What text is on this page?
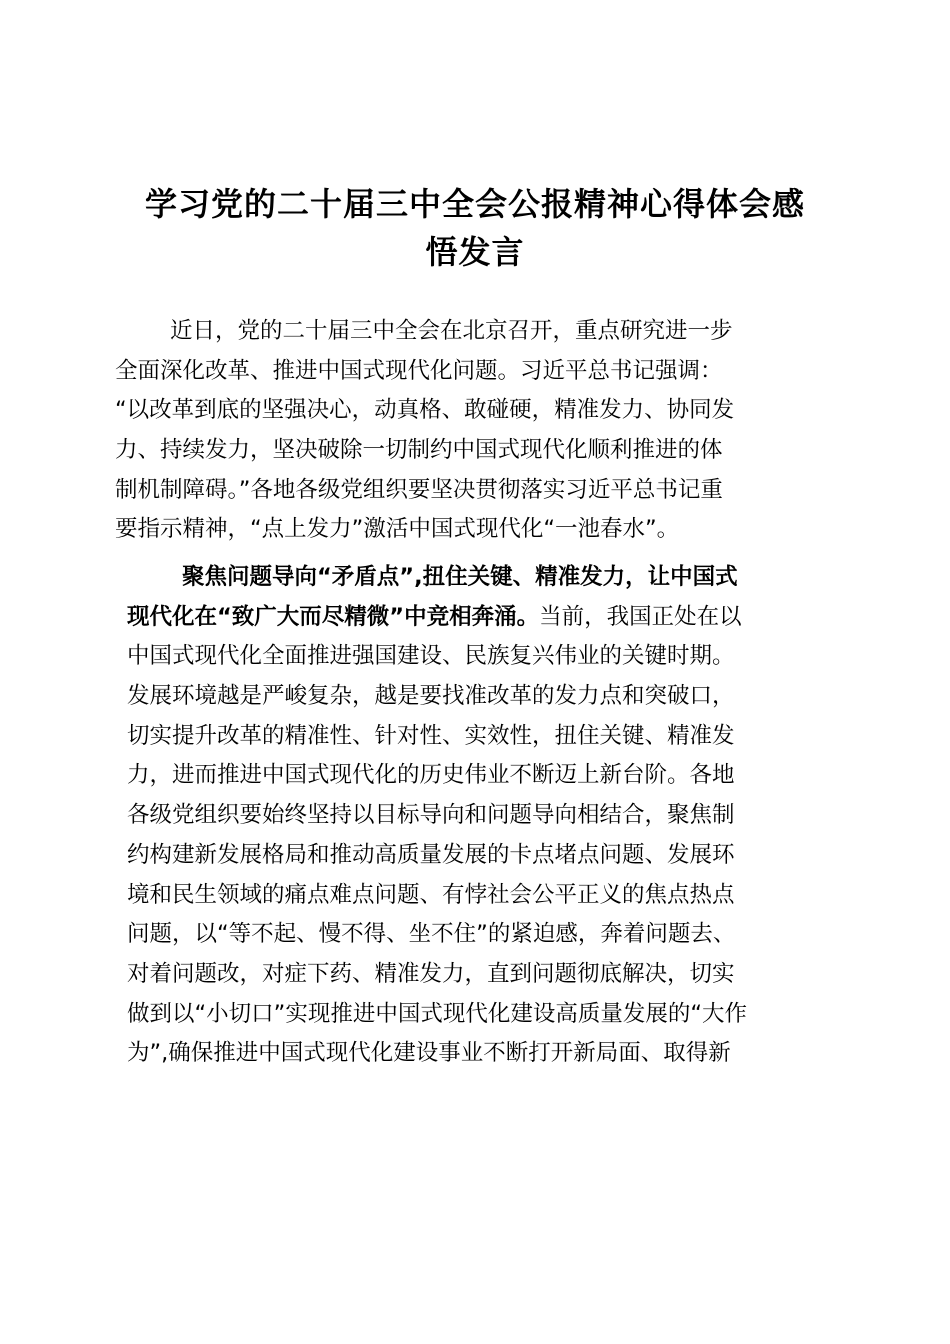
学习党的二十届三中全会公报精神心得体会感
悟发言
近日，党的二十届三中全会在北京召开，重点研究进一步
全面深化改革、推进中国式现代化问题。习近平总书记强调：
“以改革到底的坚强决心，动真格、敢碰硬，精准发力、协同发
力、持续发力，坚决破除一切制约中国式现代化顺利推进的体
制机制障碍。”各地各级党组织要坚决贯彻落实习近平总书记重
要指示精神，“点上发力”激活中国式现代化“一池春水”。
聚焦问题导向“矛盾点”,扭住关键、精准发力，让中国式
现代化在“致广大而尽精微”中竞相奔涌。当前，我国正处在以
中国式现代化全面推进强国建设、民族复兴伟业的关键时期。
发展环境越是严峻复杂，越是要找准改革的发力点和突破口，
切实提升改革的精准性、针对性、实效性，扭住关键、精准发
力，进而推进中国式现代化的历史伟业不断迈上新台阶。各地
各级党组织要始终坚持以目标导向和问题导向相结合，聚焦制
约构建新发展格局和推动高质量发展的卡点堵点问题、发展环
境和民生领域的痛点难点问题、有悖社会公平正义的焦点热点
问题，以“等不起、慢不得、坐不住”的紧迫感，奔着问题去、
对着问题改，对症下药、精准发力，直到问题彻底解决，切实
做到以“小切口”实现推进中国式现代化建设高质量发展的“大作
为”,确保推进中国式现代化建设事业不断打开新局面、取得新
